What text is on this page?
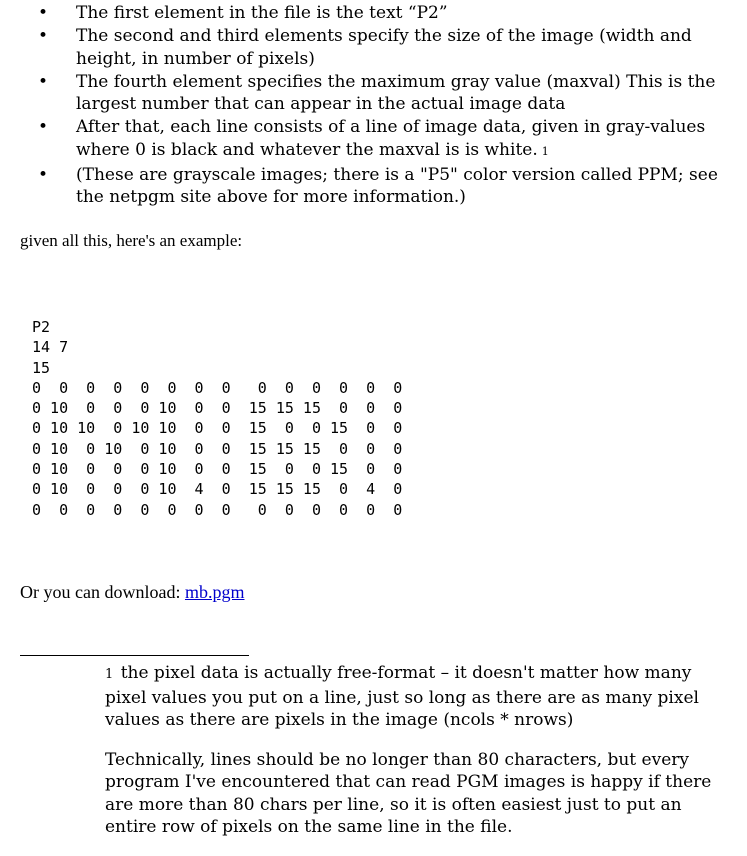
• The first element in the file is the text “P2”
• The second and third elements specify the size of the image (width and height, in number of pixels)
• The fourth element specifies the maximum gray value (maxval) This is the largest number that can appear in the actual image data
• After that, each line consists of a line of image data, given in gray-values where 0 is black and whatever the maxval is is white. 1
• (These are grayscale images; there is a "P5" color version called PPM; see the netpgm site above for more information.)
given all this, here's an example:
P2
14 7
15
0  0  0  0  0  0  0  0   0  0  0  0  0  0
0 10  0  0  0 10  0  0  15 15 15  0  0  0
0 10 10  0 10 10  0  0  15  0  0 15  0  0
0 10  0 10  0 10  0  0  15 15 15  0  0  0
0 10  0  0  0 10  0  0  15  0  0 15  0  0
0 10  0  0  0 10  4  0  15 15 15  0  4  0
0  0  0  0  0  0  0  0   0  0  0  0  0  0
Or you can download: mb.pgm

1 the pixel data is actually free-format – it doesn't matter how many pixel values you put on a line, just so long as there are as many pixel values as there are pixels in the image (ncols * nrows)

Technically, lines should be no longer than 80 characters, but every program I've encountered that can read PGM images is happy if there are more than 80 chars per line, so it is often easiest just to put an entire row of pixels on the same line in the file.
